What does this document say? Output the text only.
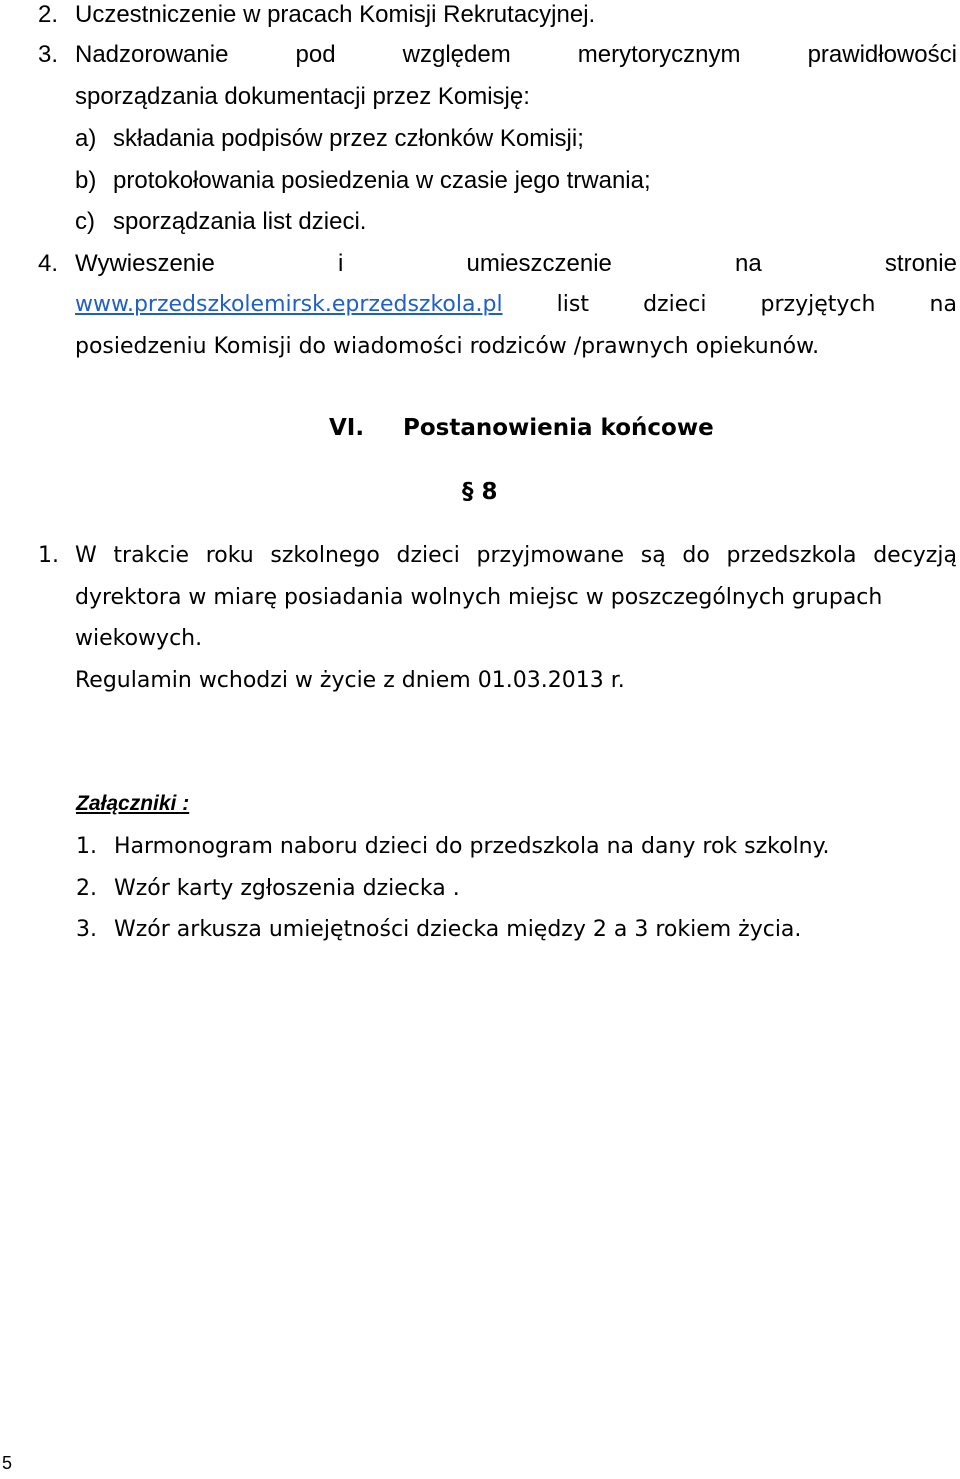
2. Uczestniczenie w pracach Komisji Rekrutacyjnej.
3. Nadzorowanie	pod	względem	merytorycznym	prawidłowości
sporządzania dokumentacji przez Komisję:
a) składania podpisów przez członków Komisji;
b) protokołowania posiedzenia w czasie jego trwania;
c) sporządzania list dzieci.
4. Wywieszenie	i	umieszczenie	na	stronie
www.przedszkolemirsk.eprzedszkola.pl list dzieci przyjętych na
posiedzeniu Komisji do wiadomości rodziców /prawnych opiekunów.
VI. Postanowienia końcowe
§ 8
1. W trakcie roku szkolnego dzieci przyjmowane są do przedszkola decyzją
dyrektora w miarę posiadania wolnych miejsc w poszczególnych grupach
wiekowych.
Regulamin wchodzi w życie z dniem 01.03.2013 r.
Załączniki :
1. Harmonogram naboru dzieci do przedszkola na dany rok szkolny.
2. Wzór karty zgłoszenia dziecka .
3. Wzór arkusza umiejętności dziecka między 2 a 3 rokiem życia.
5
